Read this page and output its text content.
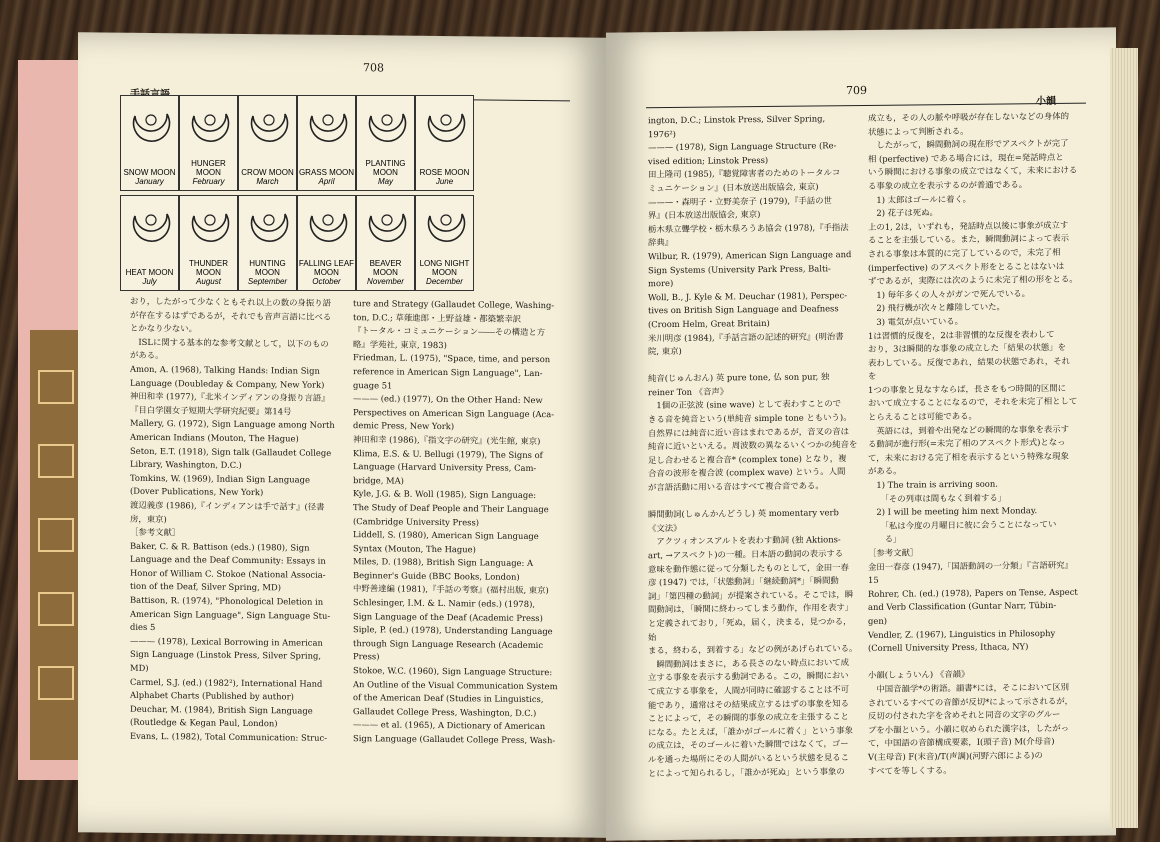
708

おり，したがって少なくともそれ以上の数の身振り語

が存在するはずであるが，それでも音声言語に比べる

とかなり少ない。

　ISLに関する基本的な参考文献として，以下のもの

がある。

Amon, A. (1968), Talking Hands: Indian Sign

Language (Doubleday & Company, New York)

神田和幸 (1977),『北米インディアンの身振り言語』

『目白学園女子短期大学研究紀要』第14号

Mallery, G. (1972), Sign Language among North

American Indians (Mouton, The Hague)

Seton, E.T. (1918), Sign talk (Gallaudet College

Library, Washington, D.C.)

Tomkins, W. (1969), Indian Sign Language

(Dover Publications, New York)

渡辺義彦 (1986),『インディアンは手で話す』(径書

房，東京)

［参考文献］

Baker, C. & R. Battison (eds.) (1980), Sign

Language and the Deaf Community: Essays in

Honor of William C. Stokoe (National Associa-

tion of the Deaf, Silver Spring, MD)

Battison, R. (1974), "Phonological Deletion in

American Sign Language", Sign Language Stu-

dies 5

——— (1978), Lexical Borrowing in American

Sign Language (Linstok Press, Silver Spring,

MD)

Carmel, S.J. (ed.) (1982²), International Hand

Alphabet Charts (Published by author)

Deuchar, M. (1984), British Sign Language

(Routledge & Kegan Paul, London)

Evans, L. (1982), Total Communication: Struc-

ture and Strategy (Gallaudet College, Washing-

ton, D.C.; 草薙進郎・上野益雄・都築繁幸訳

『トータル・コミュニケーション――その構造と方

略』学苑社, 東京, 1983)

Friedman, L. (1975), "Space, time, and person

reference in American Sign Language", Lan-

guage 51

——— (ed.) (1977), On the Other Hand: New

Perspectives on American Sign Language (Aca-

demic Press, New York)

神田和幸 (1986),『指文字の研究』(光生館, 東京)

Klima, E.S. & U. Bellugi (1979), The Signs of

Language (Harvard University Press, Cam-

bridge, MA)

Kyle, J.G. & B. Woll (1985), Sign Language:

The Study of Deaf People and Their Language

(Cambridge University Press)

Liddell, S. (1980), American Sign Language

Syntax (Mouton, The Hague)

Miles, D. (1988), British Sign Language: A

Beginner's Guide (BBC Books, London)

中野善達編 (1981),『手話の考察』(福村出版, 東京)

Schlesinger, I.M. & L. Namir (eds.) (1978),

Sign Language of the Deaf (Academic Press)

Siple, P. (ed.) (1978), Understanding Language

through Sign Language Research (Academic

Press)

Stokoe, W.C. (1960), Sign Language Structure:

An Outline of the Visual Communication System

of the American Deaf (Studies in Linguistics,

Gallaudet College Press, Washington, D.C.)

——— et al. (1965), A Dictionary of American

Sign Language (Gallaudet College Press, Wash-

SNOW MOON
January
HUNGER MOON
February
CROW MOON
March
GRASS MOON
April
PLANTING MOON
May
ROSE MOON
June
HEAT MOON
July
THUNDER MOON
August
HUNTING MOON
September
FALLING LEAF MOON
October
BEAVER MOON
November
LONG NIGHT MOON
December
709
小韻

ington, D.C.; Linstok Press, Silver Spring,

1976²)

——— (1978), Sign Language Structure (Re-

vised edition; Linstok Press)

田上隆司 (1985),『聴覚障害者のためのトータルコ

ミュニケーション』(日本放送出版協会, 東京)

———・森明子・立野美奈子 (1979),『手話の世

界』(日本放送出版協会, 東京)

栃木県立聾学校・栃木県ろうあ協会 (1978),『手指法

辞典』

Wilbur, R. (1979), American Sign Language and

Sign Systems (University Park Press, Balti-

more)

Woll, B., J. Kyle & M. Deuchar (1981), Perspec-

tives on British Sign Language and Deafness

(Croom Helm, Great Britain)

米川明彦 (1984),『手話言語の記述的研究』(明治書

院, 東京)

純音(じゅんおん) 英 pure tone, 仏 son pur, 独

reiner Ton 《音声》

　1個の正弦波 (sine wave) として表わすことので

きる音を純音という(単純音 simple tone ともいう)。

自然界には純音に近い音はまれであるが，音叉の音は

純音に近いといえる。周波数の異なるいくつかの純音を

足し合わせると複合音* (complex tone) となり，複

合音の波形を複合波 (complex wave) という。人間

が言語活動に用いる音はすべて複合音である。

瞬間動詞(しゅんかんどうし) 英 momentary verb

《文法》

　アクツィオンスアルトを表わす動詞 (独 Aktions-

art, →アスペクト)の一種。日本語の動詞の表示する

意味を動作態に従って分類したものとして，金田一春

彦 (1947) では,「状態動詞」「継続動詞*」「瞬間動

詞」「第四種の動詞」が提案されている。そこでは，瞬

間動詞は，「瞬間に終わってしまう動作，作用を表す」

と定義されており,「死ぬ，届く，決まる，見つかる，始

まる，終わる，到着する」などの例があげられている。

　瞬間動詞はまさに，ある長さのない時点において成

立する事象を表示する動詞である。この，瞬間におい

て成立する事象を，人間が同時に確認することは不可

能であり，通常はその結果成立するはずの事象を知る

ことによって，その瞬間的事象の成立を主張すること

になる。たとえば，「誰かがゴールに着く」という事象

の成立は，そのゴールに着いた瞬間ではなくて，ゴー

ルを通った場所にその人間がいるという状態を見るこ

とによって知られるし，「誰かが死ぬ」という事象の

成立も，その人の脈や呼吸が存在しないなどの身体的

状態によって判断される。

　したがって，瞬間動詞の現在形でアスペクトが完了

相 (perfective) である場合には，現在=発話時点と

いう瞬間における事象の成立ではなくて，未来における

る事象の成立を表示するのが普通である。

　1) 太郎はゴールに着く。

　2) 花子は死ぬ。

上の1, 2は，いずれも，発話時点以後に事象が成立す

ることを主張している。また，瞬間動詞によって表示

される事象は本質的に完了しているので，未完了相

(imperfective) のアスペクト形をとることはないは

ずであるが，実際には次のように未完了相の形をとる。

　1) 毎年多くの人々がガンで死んでいる。

　2) 飛行機が次々と離陸していた。

　3) 電気が点いている。

1は習慣的反復を，2は非習慣的な反復を表わして

おり，3は瞬間的な事象の成立した「結果の状態」を

表わしている。反復であれ，結果の状態であれ，それを

1つの事象と見なすならば，長さをもつ時間的区間に

おいて成立することになるので，それを未完了相として

とらえることは可能である。

　英語には，到着や出発などの瞬間的な事象を表示す

る動詞が進行形(=未完了相のアスペクト形式)となっ

て，未来における完了相を表示するという特殊な現象

がある。

　1) The train is arriving soon.

　　「その列車は間もなく到着する」

　2) I will be meeting him next Monday.

　　「私は今度の月曜日に彼に会うことになってい

　　る」

［参考文献］

金田一春彦 (1947),「国語動詞の一分類」『言語研究』

15

Rohrer, Ch. (ed.) (1978), Papers on Tense, Aspect

and Verb Classification (Guntar Narr, Tübin-

gen)

Vendler, Z. (1967), Linguistics in Philosophy

(Cornell University Press, Ithaca, NY)

小韻(しょういん) 《音韻》

　中国音韻学*の術語。韻書*には，そこにおいて区別

されているすべての音節が反切*によって示されるが，

反切の付された字を含めそれと同音の文字のグルー

プを小韻という。小韻に収められた漢字は，したがっ

て，中国語の音節構成要素，I(頭子音) M(介母音)

V(主母音) F(末音)/T(声調)(河野六郎による)の

すべてを等しくする。
